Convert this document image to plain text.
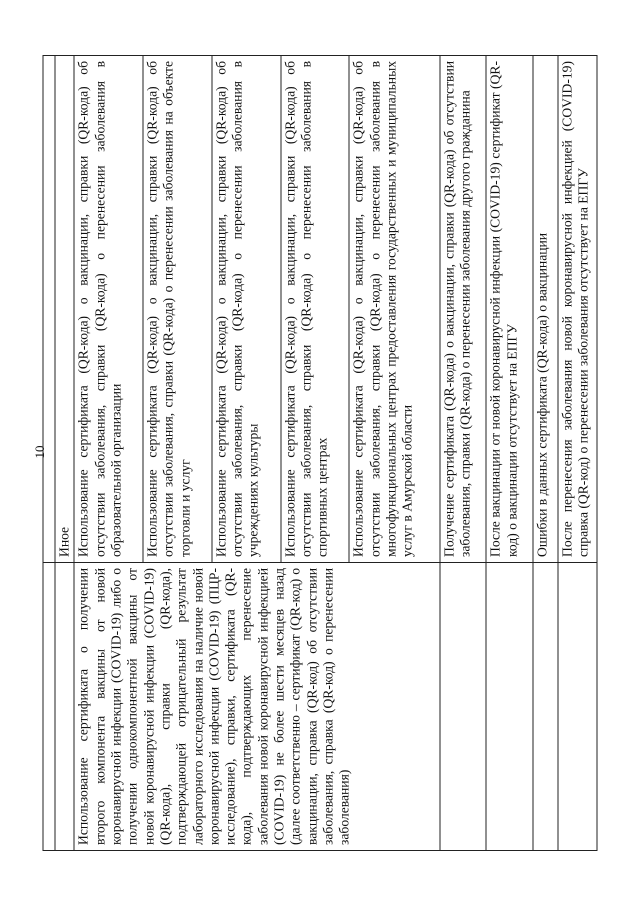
10

	Иное
Использование сертификата о получении второго компонента вакцины от новой коронавирусной инфекции (COVID-19) либо о получении однокомпонентной вакцины от новой коронавирусной инфекции (COVID-19) (QR-кода), справки (QR-кода), подтверждающей отрицательный результат лабораторного исследования на наличие новой коронавирусной инфекции (COVID-19) (ПЦР-исследование), справки, сертификата (QR-кода), подтверждающих перенесение заболевания новой коронавирусной инфекцией (COVID-19) не более шести месяцев назад (далее соответственно – сертификат (QR-код) о вакцинации, справка (QR-код) об отсутствии заболевания, справка (QR-код) о перенесении заболевания)	Использование сертификата (QR-кода) о вакцинации, справки (QR-кода) об отсутствии заболевания, справки (QR-кода) о перенесении заболевания в образовательной организации
	Использование сертификата (QR-кода) о вакцинации, справки (QR-кода) об отсутствии заболевания, справки (QR-кода) о перенесении заболевания на объекте торговли и услуг
	Использование сертификата (QR-кода) о вакцинации, справки (QR-кода) об отсутствии заболевания, справки (QR-кода) о перенесении заболевания в учреждениях культуры
	Использование сертификата (QR-кода) о вакцинации, справки (QR-кода) об отсутствии заболевания, справки (QR-кода) о перенесении заболевания в спортивных центрах
	Использование сертификата (QR-кода) о вакцинации, справки (QR-кода) об отсутствии заболевания, справки (QR-кода) о перенесении заболевания в многофункциональных центрах предоставления государственных и муниципальных услуг в Амурской области
	Получение сертификата (QR-кода) о вакцинации, справки (QR-кода) об отсутствии заболевания, справки (QR-кода) о перенесении заболевания другого гражданина
	После вакцинации от новой коронавирусной инфекции (COVID-19) сертификат (QR-код) о вакцинации отсутствует на ЕПГУ
	Ошибки в данных сертификата (QR-кода) о вакцинации
	После перенесения заболевания новой коронавирусной инфекцией (COVID-19) справка (QR-код) о перенесении заболевания отсутствует на ЕПГУ
